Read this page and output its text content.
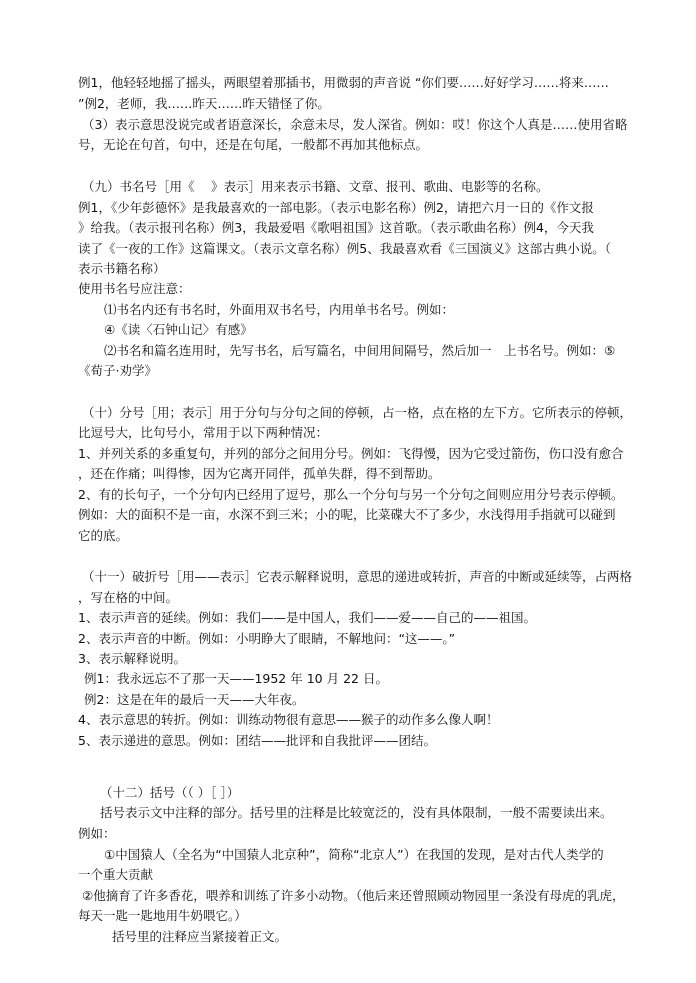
例1，他轻轻地摇了摇头，两眼望着那插书，用微弱的声音说 “你们要……好好学习……将来……
”例2，老师，我……昨天……昨天错怪了你。
（3）表示意思没说完或者语意深长，余意未尽，发人深省。例如：哎！你这个人真是……使用省略
号，无论在句首，句中，还是在句尾，一般都不再加其他标点。
（九）书名号［用《　 》表示］用来表示书籍、文章、报刊、歌曲、电影等的名称。
例1，《少年彭德怀》是我最喜欢的一部电影。（表示电影名称）例2，请把六月一日的《作文报
》给我。（表示报刊名称）例3，我最爱唱《歌唱祖国》这首歌。（表示歌曲名称）例4，今天我
读了《一夜的工作》这篇课文。（表示文章名称）例5、我最喜欢看《三国演义》这部古典小说。（
表示书籍名称）
使用书名号应注意：
⑴书名内还有书名时，外面用双书名号，内用单书名号。例如：
④《读〈石钟山记〉有感》
⑵书名和篇名连用时，先写书名，后写篇名，中间用间隔号，然后加一　上书名号。例如：⑤
《荀子·劝学》
（十）分号［用；表示］用于分句与分句之间的停顿，占一格，点在格的左下方。它所表示的停顿，
比逗号大，比句号小，常用于以下两种情况：
1、并列关系的多重复句，并列的部分之间用分号。例如：飞得慢，因为它受过箭伤，伤口没有愈合
，还在作痛；叫得惨，因为它离开同伴，孤单失群，得不到帮助。
2、有的长句子，一个分句内已经用了逗号，那么一个分句与另一个分句之间则应用分号表示停顿。
例如：大的面积不是一亩，水深不到三米；小的呢，比菜碟大不了多少，水浅得用手指就可以碰到
它的底。
（十一）破折号［用——表示］它表示解释说明，意思的递进或转折，声音的中断或延续等，占两格
，写在格的中间。
1、表示声音的延续。例如：我们——是中国人，我们——爱——自己的——祖国。
2、表示声音的中断。例如：小明睁大了眼睛，不解地问：“这——。”
3、表示解释说明。
例1：我永远忘不了那一天——1952 年 10 月 22 日。
例2：这是在年的最后一天——大年夜。
4、表示意思的转折。例如：训练动物很有意思——猴子的动作多么像人啊！
5、表示递进的意思。例如：团结——批评和自我批评——团结。
（十二）括号（（ ）［ ］）
括号表示文中注释的部分。括号里的注释是比较宽泛的，没有具体限制，一般不需要读出来。
例如：
①中国猿人（全名为“中国猿人北京种”，简称“北京人”）在我国的发现，是对古代人类学的
一个重大贡献
②他摘育了许多香花，喂养和训练了许多小动物。（他后来还曾照顾动物园里一条没有母虎的乳虎，
每天一匙一匙地用牛奶喂它。）
括号里的注释应当紧接着正文。
